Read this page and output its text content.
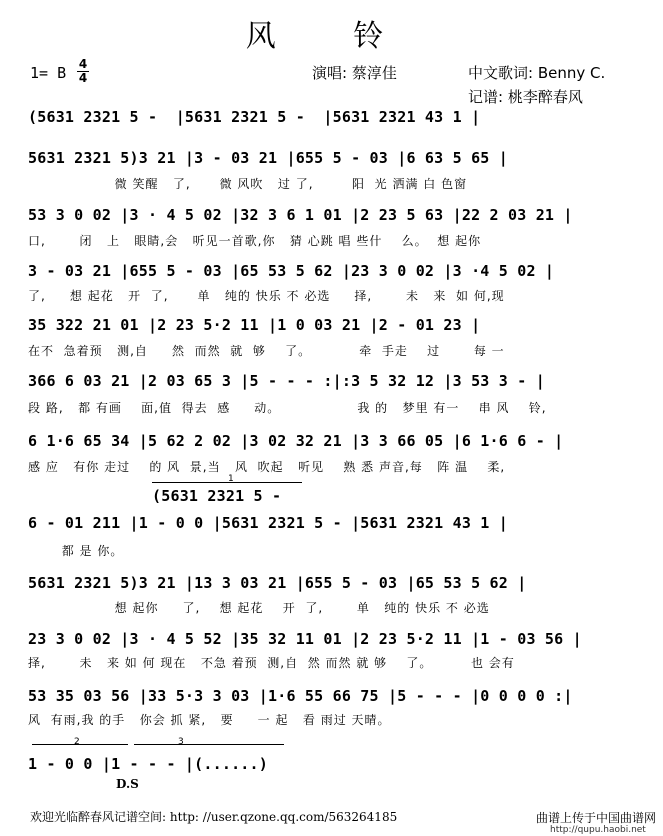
风 铃
1= B 4
4	演唱: 蔡淳佳	中文歌词: Benny C.
记谱: 桃李醉春风
(5631 2321 5 -  |5631 2321 5 -  |5631 2321 43 1 |
5631 2321 5)3 21 |3 - 03 21 |655 5 - 03 |6 63 5 65 |
微 笑醒   了,      微 风吹   过 了,        阳  光 洒满 白 色窗
53 3 0 02 |3 · 4 5 02 |32 3 6 1 01 |2 23 5 63 |22 2 03 21 |
口,       闭   上   眼睛,会   听见一首歌,你   猜 心跳 唱 些什    么。  想 起你
3 - 03 21 |655 5 - 03 |65 53 5 62 |23 3 0 02 |3 ·4 5 02 |
了,     想 起花   开  了,      单   纯的 快乐 不 必选     择,       未   来  如 何,现
35 322 21 01 |2 23 5·2 11 |1 0 03 21 |2 - 01 23 |
在不  急着预   测,自     然  而然  就  够    了。          牵  手走    过       每 一
366 6 03 21 |2 03 65 3 |5 - - - :|:3 5 32 12 |3 53 3 - |
段 路,   都 有画    面,值  得去  感     动。                我 的   梦里 有一    串 风    铃,
6 1·6 65 34 |5 62 2 02 |3 02 32 21 |3 3 66 05 |6 1·6 6 - |
感 应   有你 走过    的 风  景,当   风  吹起   听见    熟 悉 声音,每   阵 温    柔,
1
(5631 2321 5 -
6 - 01 211 |1 - 0 0 |5631 2321 5 - |5631 2321 43 1 |
都 是 你。
5631 2321 5)3 21 |13 3 03 21 |655 5 - 03 |65 53 5 62 |
想 起你     了,    想 起花    开  了,       单   纯的 快乐 不 必选
23 3 0 02 |3 · 4 5 52 |35 32 11 01 |2 23 5·2 11 |1 - 03 56 |
择,       未   来 如 何 现在   不急 着预  测,自  然 而然 就 够    了。        也 会有
53 35 03 56 |33 5·3 3 03 |1·6 55 66 75 |5 - - - |0 0 0 0 :|
风  有雨,我 的手   你会 抓 紧,   要     一 起   看 雨过 天晴。
2	3
1 - 0 0 |1 - - - |(......)
D.S
欢迎光临醉春风记谱空间: http: //user.qzone.qq.com/563264185	曲谱上传于中国曲谱网
http://qupu.haobi.net
